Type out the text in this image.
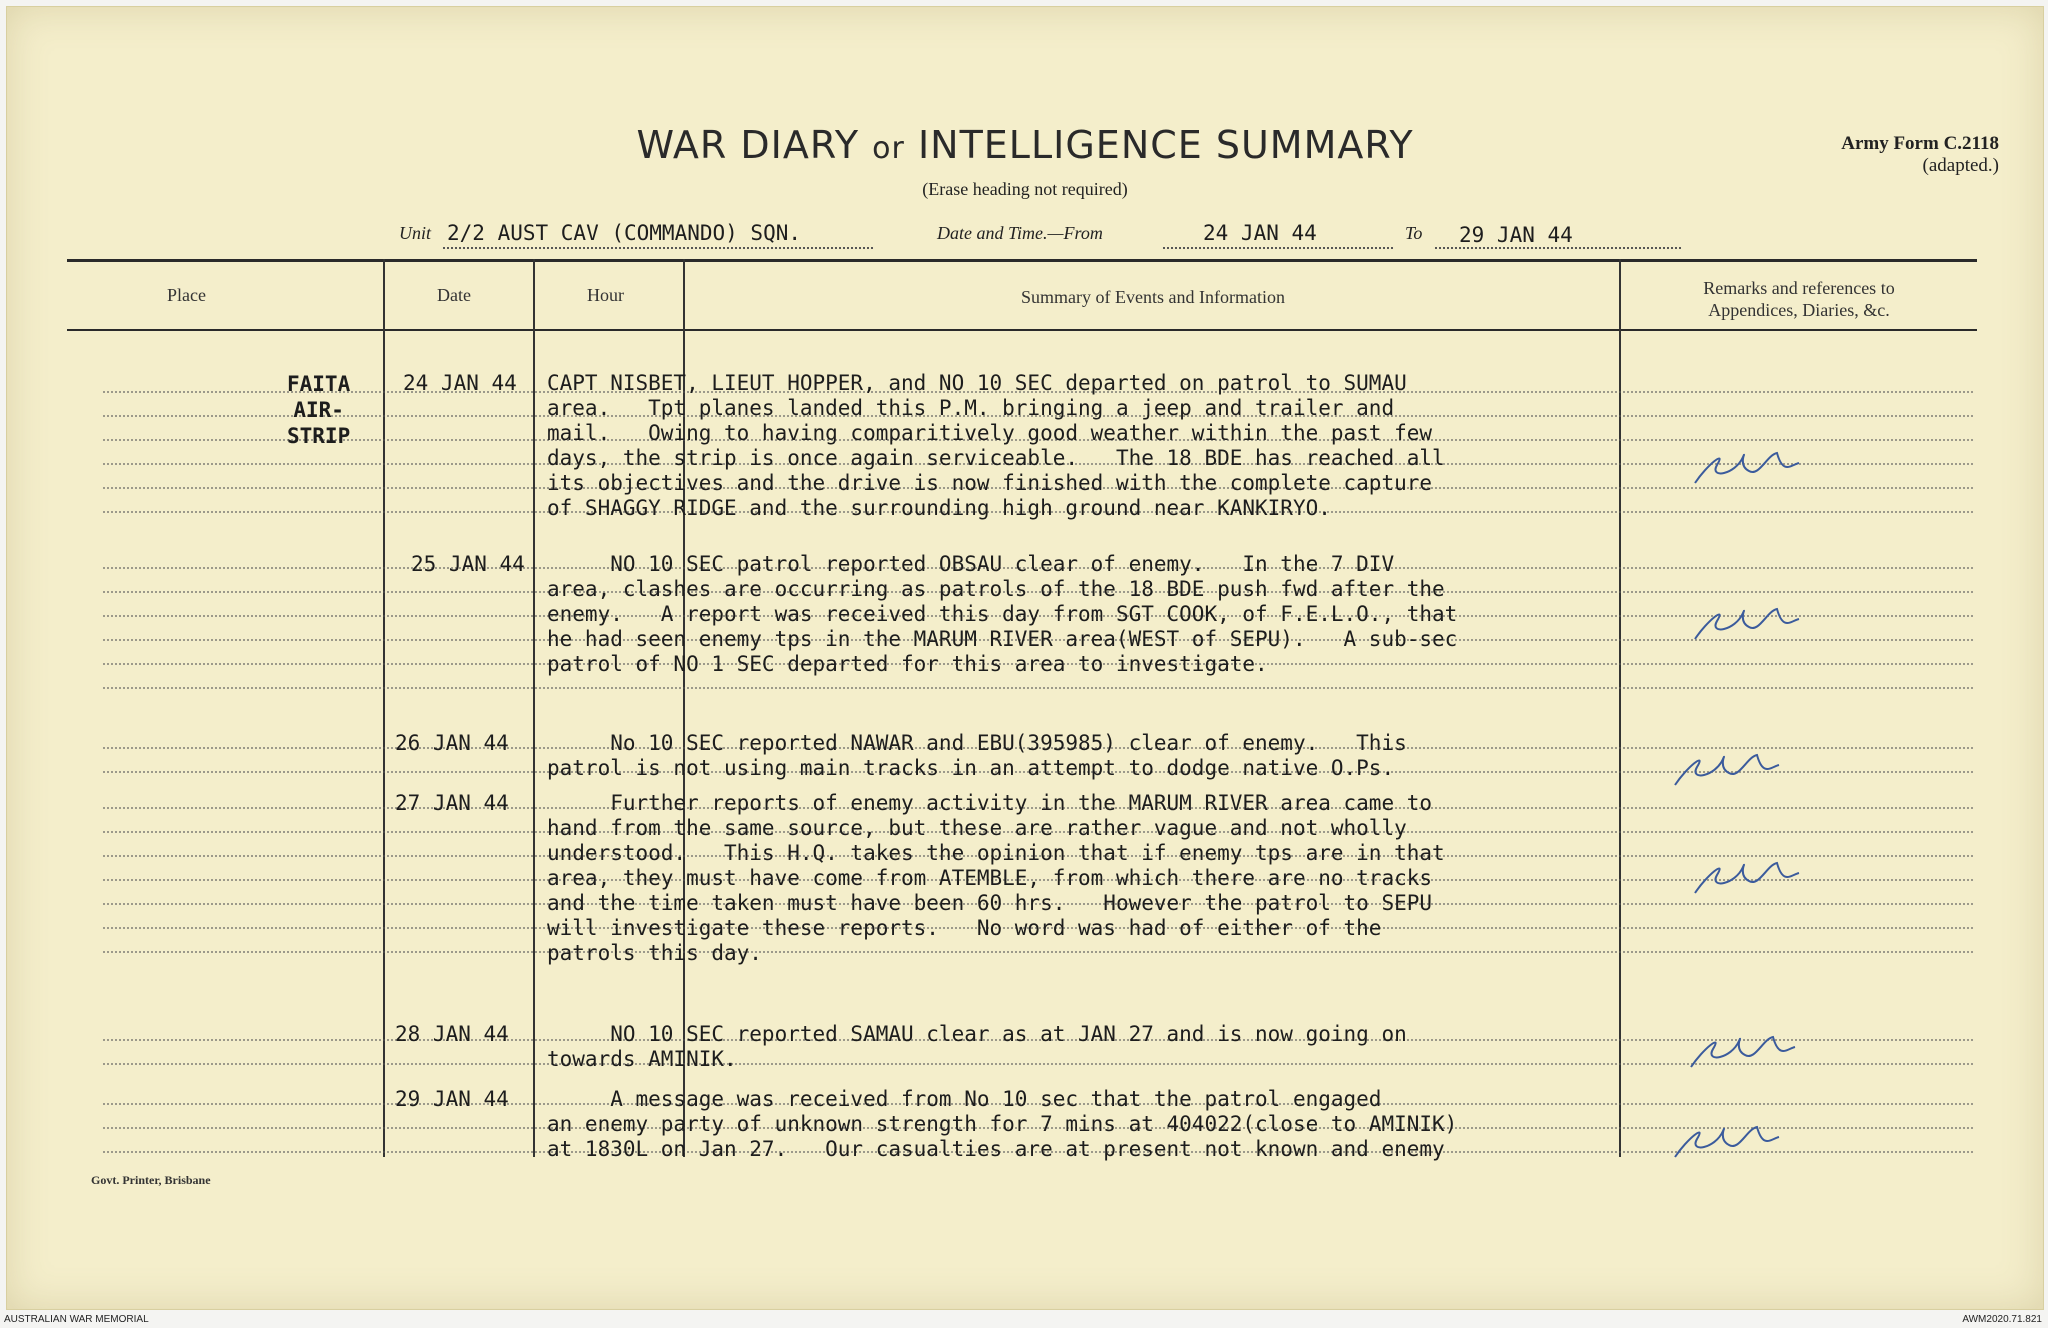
WAR DIARY or INTELLIGENCE SUMMARY
(Erase heading not required)
Army Form C.2118
(adapted.)
Unit 2/2 AUST CAV (COMMANDO) SQN.	Date and Time.—From	24 JAN 44	To 29 JAN 44
Place	Date	Hour	Summary of Events and Information	Remarks and references to
Appendices, Diaries, &c.
FAITA
AIR-
STRIP
24 JAN 44 CAPT NISBET, LIEUT HOPPER, and NO 10 SEC departed on patrol to SUMAU
area.   Tpt planes landed this P.M. bringing a jeep and trailer and
mail.   Owing to having comparitively good weather within the past few
days, the strip is once again serviceable.   The 18 BDE has reached all
its objectives and the drive is now finished with the complete capture
of SHAGGY RIDGE and the surrounding high ground near KANKIRYO.
25 JAN 44	NO 10 SEC patrol reported OBSAU clear of enemy.   In the 7 DIV
area, clashes are occurring as patrols of the 18 BDE push fwd after the
enemy.   A report was received this day from SGT COOK, of F.E.L.O., that
he had seen enemy tps in the MARUM RIVER area(WEST of SEPU).   A sub-sec
patrol of NO 1 SEC departed for this area to investigate.
26 JAN 44	No 10 SEC reported NAWAR and EBU(395985) clear of enemy.   This
patrol is not using main tracks in an attempt to dodge native O.Ps.
27 JAN 44	Further reports of enemy activity in the MARUM RIVER area came to
hand from the same source, but these are rather vague and not wholly
understood.   This H.Q. takes the opinion that if enemy tps are in that
area, they must have come from ATEMBLE, from which there are no tracks
and the time taken must have been 60 hrs.   However the patrol to SEPU
will investigate these reports.   No word was had of either of the
patrols this day.
28 JAN 44	NO 10 SEC reported SAMAU clear as at JAN 27 and is now going on
towards AMINIK.
29 JAN 44	A message was received from No 10 sec that the patrol engaged
an enemy party of unknown strength for 7 mins at 404022(close to AMINIK)
at 1830L on Jan 27.   Our casualties are at present not known and enemy
Govt. Printer, Brisbane
AUSTRALIAN WAR MEMORIAL	AWM2020.71.821
